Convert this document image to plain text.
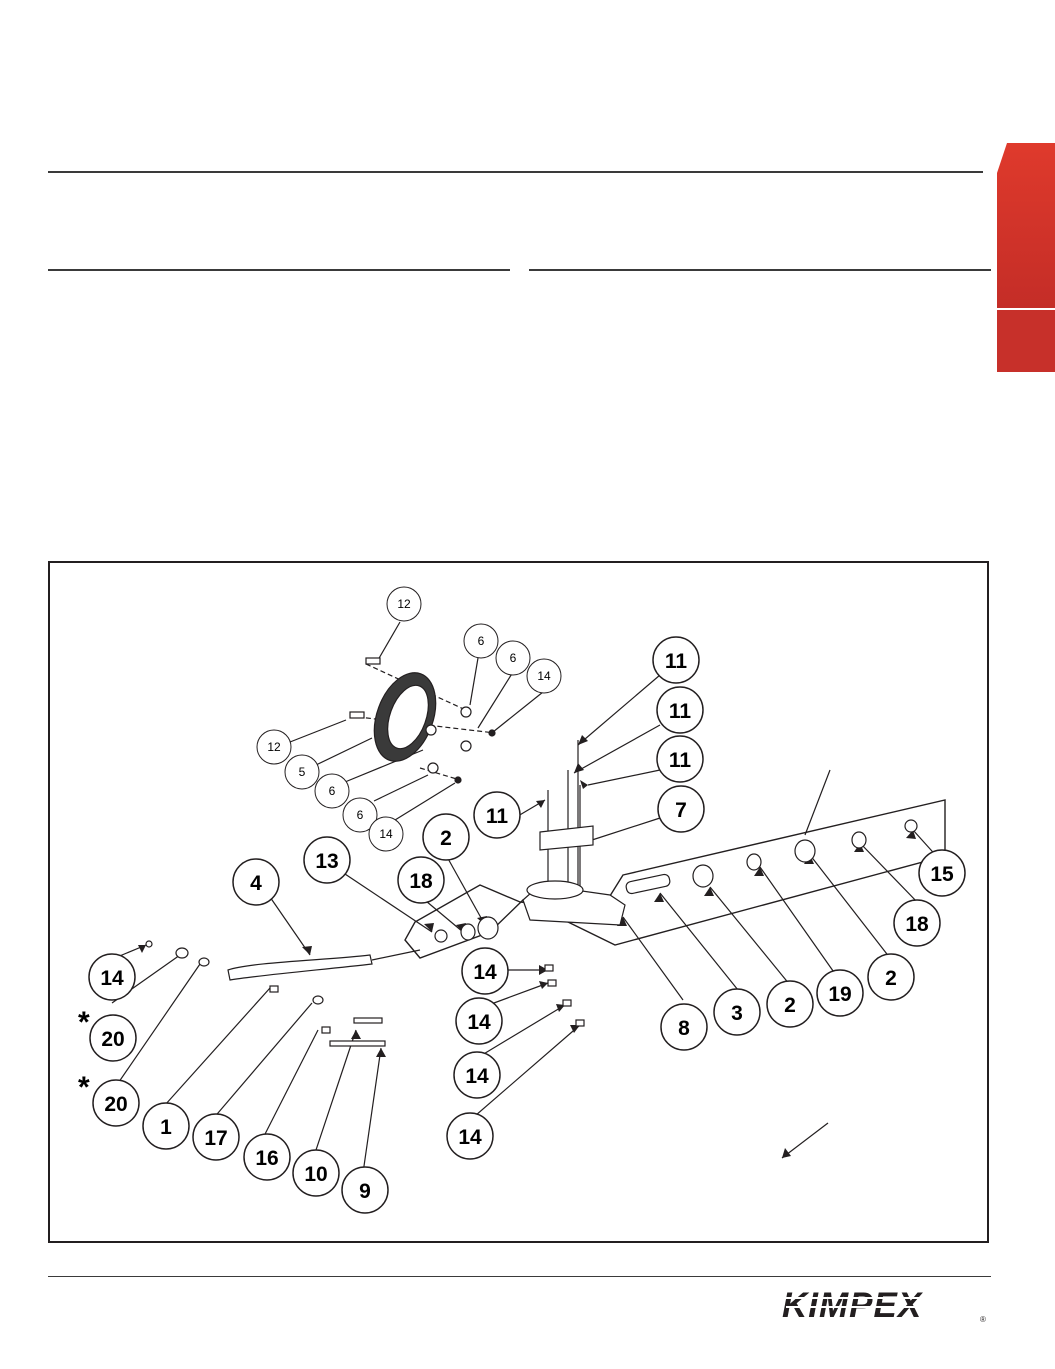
12
6
6
14
12
5
6
6
14
11
11
11
11	7
2
13
18
4	15
18
14	14
14
14
14
8
3 2 19
2
20
20
1 17
16
10
9
*
*
KIMPEX	®
